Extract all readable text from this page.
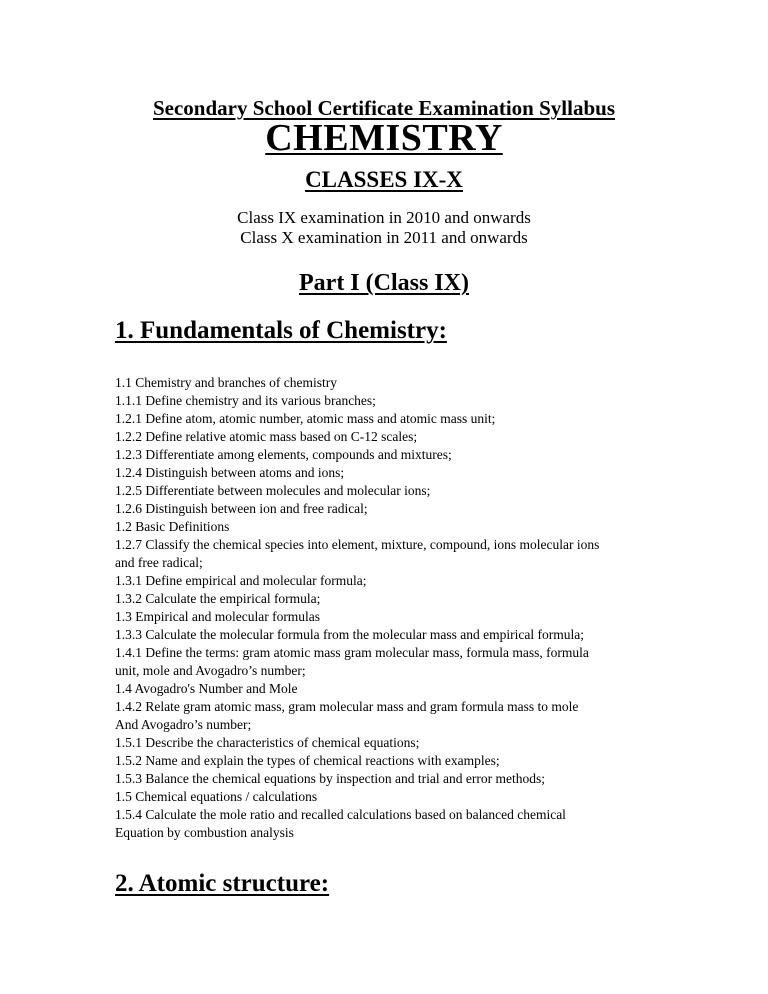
Secondary School Certificate Examination Syllabus
CHEMISTRY
CLASSES IX-X
Class IX examination in 2010 and onwards
Class X examination in 2011 and onwards
Part I (Class IX)
1. Fundamentals of Chemistry:
1.1 Chemistry and branches of chemistry
1.1.1 Define chemistry and its various branches;
1.2.1 Define atom, atomic number, atomic mass and atomic mass unit;
1.2.2 Define relative atomic mass based on C-12 scales;
1.2.3 Differentiate among elements, compounds and mixtures;
1.2.4 Distinguish between atoms and ions;
1.2.5 Differentiate between molecules and molecular ions;
1.2.6 Distinguish between ion and free radical;
1.2 Basic Definitions
1.2.7 Classify the chemical species into element, mixture, compound, ions molecular ions
and free radical;
1.3.1 Define empirical and molecular formula;
1.3.2 Calculate the empirical formula;
1.3 Empirical and molecular formulas
1.3.3 Calculate the molecular formula from the molecular mass and empirical formula;
1.4.1 Define the terms: gram atomic mass gram molecular mass, formula mass, formula
unit, mole and Avogadro’s number;
1.4 Avogadro's Number and Mole
1.4.2 Relate gram atomic mass, gram molecular mass and gram formula mass to mole
And Avogadro’s number;
1.5.1 Describe the characteristics of chemical equations;
1.5.2 Name and explain the types of chemical reactions with examples;
1.5.3 Balance the chemical equations by inspection and trial and error methods;
1.5 Chemical equations / calculations
1.5.4 Calculate the mole ratio and recalled calculations based on balanced chemical
Equation by combustion analysis
2. Atomic structure:
